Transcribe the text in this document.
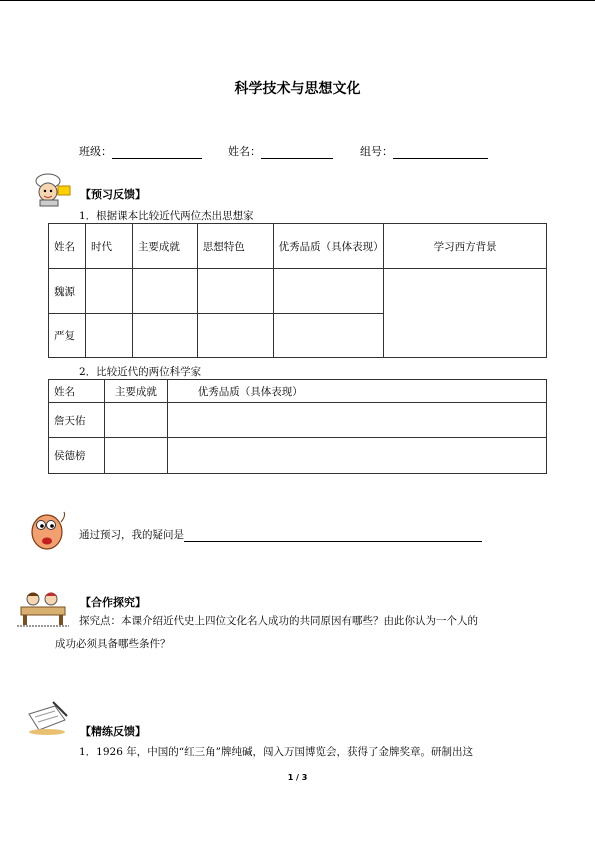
科学技术与思想文化
班级：	姓名：	组号：
【预习反馈】
1．根据课本比较近代两位杰出思想家
姓名	时代	主要成就	思想特色	优秀品质（具体表现）	学习西方背景
魏源					
严复					
2．比较近代的两位科学家
姓名	主要成就	优秀品质（具体表现）
詹天佑		
侯德榜		
通过预习，我的疑问是
【合作探究】
探究点：本课介绍近代史上四位文化名人成功的共同原因有哪些？由此你认为一个人的
成功必须具备哪些条件？
【精练反馈】
1．1926 年，中国的“红三角”牌纯碱，闯入万国博览会，获得了金牌奖章。研制出这
1 / 3
